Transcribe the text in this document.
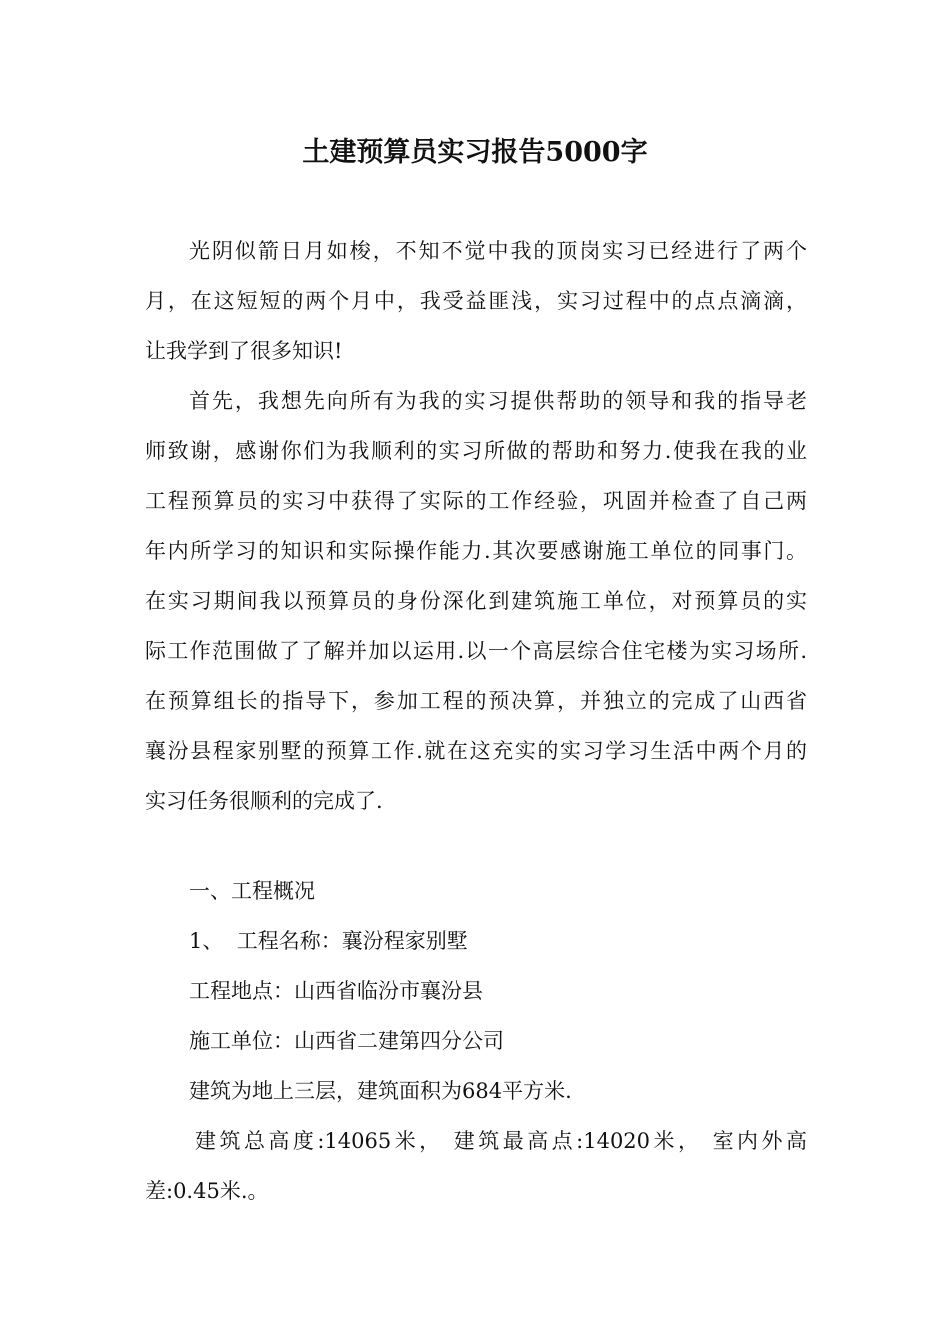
土建预算员实习报告5000字
光阴似箭日月如梭，不知不觉中我的顶岗实习已经进行了两个
月，在这短短的两个月中，我受益匪浅，实习过程中的点点滴滴，
让我学到了很多知识!
首先，我想先向所有为我的实习提供帮助的领导和我的指导老
师致谢，感谢你们为我顺利的实习所做的帮助和努力.使我在我的业
工程预算员的实习中获得了实际的工作经验，巩固并检查了自己两
年内所学习的知识和实际操作能力.其次要感谢施工单位的同事门。
在实习期间我以预算员的身份深化到建筑施工单位，对预算员的实
际工作范围做了了解并加以运用.以一个高层综合住宅楼为实习场所.
在预算组长的指导下，参加工程的预决算，并独立的完成了山西省
襄汾县程家别墅的预算工作.就在这充实的实习学习生活中两个月的
实习任务很顺利的完成了.
一、工程概况
1、  工程名称：襄汾程家别墅
工程地点：山西省临汾市襄汾县
施工单位：山西省二建第四分公司
建筑为地上三层，建筑面积为684平方米.
建筑总高度:14065米， 建筑最高点:14020米， 室内外高
差:0.45米.。
